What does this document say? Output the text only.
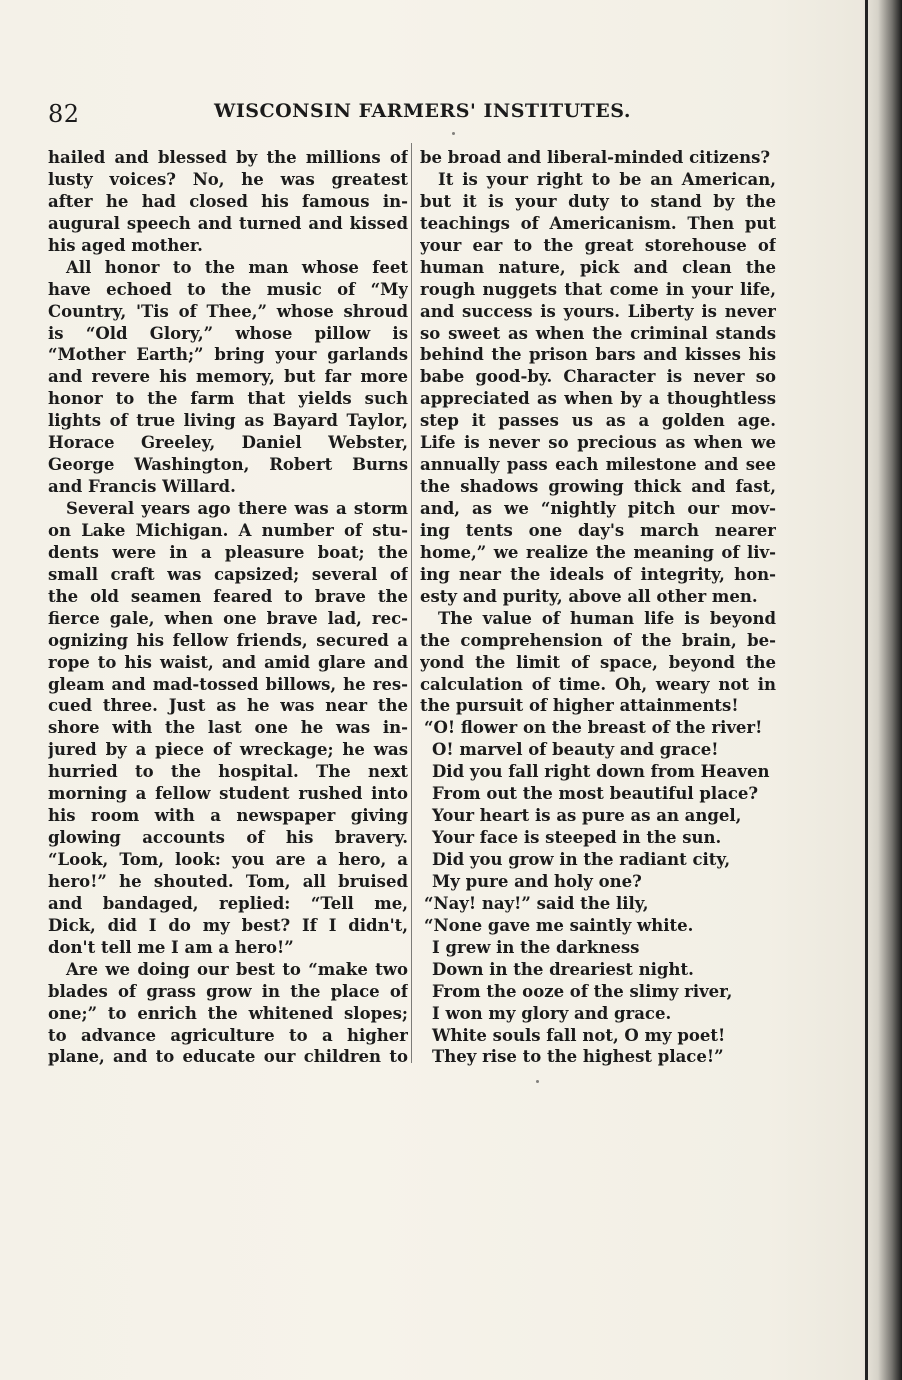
82	WISCONSIN FARMERS' INSTITUTES.
hailed and blessed by the millions of
lusty voices? No, he was greatest
after he had closed his famous in-
augural speech and turned and kissed
his aged mother.
All honor to the man whose feet
have echoed to the music of “My
Country, 'Tis of Thee,” whose shroud
is “Old Glory,” whose pillow is
“Mother Earth;” bring your garlands
and revere his memory, but far more
honor to the farm that yields such
lights of true living as Bayard Taylor,
Horace Greeley, Daniel Webster,
George Washington, Robert Burns
and Francis Willard.
Several years ago there was a storm
on Lake Michigan. A number of stu-
dents were in a pleasure boat; the
small craft was capsized; several of
the old seamen feared to brave the
fierce gale, when one brave lad, rec-
ognizing his fellow friends, secured a
rope to his waist, and amid glare and
gleam and mad-tossed billows, he res-
cued three. Just as he was near the
shore with the last one he was in-
jured by a piece of wreckage; he was
hurried to the hospital. The next
morning a fellow student rushed into
his room with a newspaper giving
glowing accounts of his bravery.
“Look, Tom, look: you are a hero, a
hero!” he shouted. Tom, all bruised
and bandaged, replied: “Tell me,
Dick, did I do my best? If I didn't,
don't tell me I am a hero!”
Are we doing our best to “make two
blades of grass grow in the place of
one;” to enrich the whitened slopes;
to advance agriculture to a higher
plane, and to educate our children to
be broad and liberal-minded citizens?
It is your right to be an American,
but it is your duty to stand by the
teachings of Americanism. Then put
your ear to the great storehouse of
human nature, pick and clean the
rough nuggets that come in your life,
and success is yours. Liberty is never
so sweet as when the criminal stands
behind the prison bars and kisses his
babe good-by. Character is never so
appreciated as when by a thoughtless
step it passes us as a golden age.
Life is never so precious as when we
annually pass each milestone and see
the shadows growing thick and fast,
and, as we “nightly pitch our mov-
ing tents one day's march nearer
home,” we realize the meaning of liv-
ing near the ideals of integrity, hon-
esty and purity, above all other men.
The value of human life is beyond
the comprehension of the brain, be-
yond the limit of space, beyond the
calculation of time. Oh, weary not in
the pursuit of higher attainments!
“O! flower on the breast of the river!
O! marvel of beauty and grace!
Did you fall right down from Heaven
From out the most beautiful place?
Your heart is as pure as an angel,
Your face is steeped in the sun.
Did you grow in the radiant city,
My pure and holy one?
“Nay! nay!” said the lily,
“None gave me saintly white.
I grew in the darkness
Down in the dreariest night.
From the ooze of the slimy river,
I won my glory and grace.
White souls fall not, O my poet!
They rise to the highest place!”
